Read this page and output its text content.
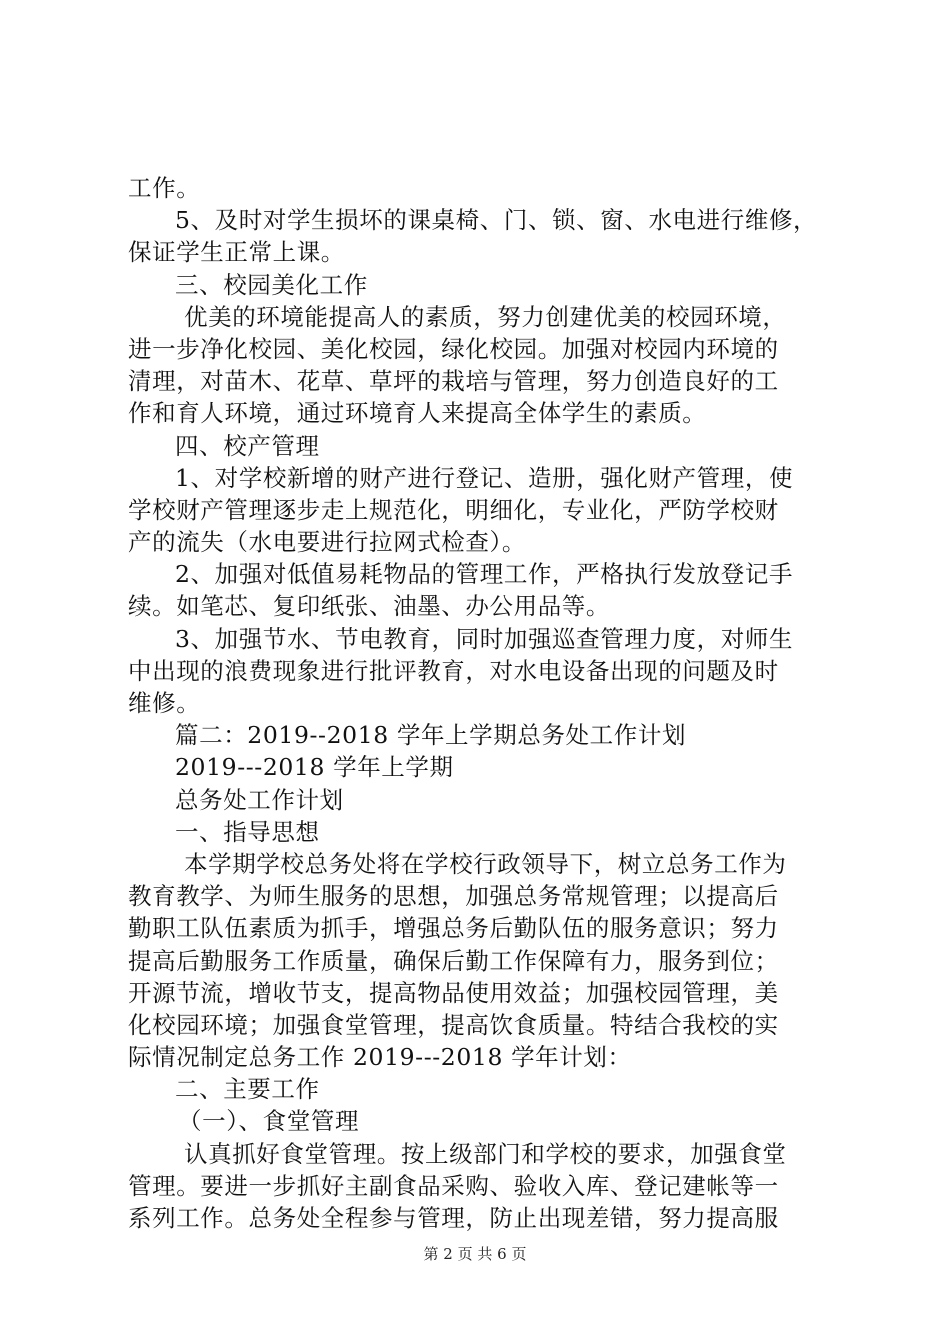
工作。
5、及时对学生损坏的课桌椅、门、锁、窗、水电进行维修，
保证学生正常上课。
三、校园美化工作
优美的环境能提高人的素质，努力创建优美的校园环境，
进一步净化校园、美化校园，绿化校园。加强对校园内环境的
清理，对苗木、花草、草坪的栽培与管理，努力创造良好的工
作和育人环境，通过环境育人来提高全体学生的素质。
四、校产管理
1、对学校新增的财产进行登记、造册，强化财产管理，使
学校财产管理逐步走上规范化，明细化，专业化，严防学校财
产的流失（水电要进行拉网式检查）。
2、加强对低值易耗物品的管理工作，严格执行发放登记手
续。如笔芯、复印纸张、油墨、办公用品等。
3、加强节水、节电教育，同时加强巡查管理力度，对师生
中出现的浪费现象进行批评教育，对水电设备出现的问题及时
维修。
篇二：2019--2018 学年上学期总务处工作计划
2019---2018 学年上学期
总务处工作计划
一、指导思想
本学期学校总务处将在学校行政领导下，树立总务工作为
教育教学、为师生服务的思想，加强总务常规管理；以提高后
勤职工队伍素质为抓手，增强总务后勤队伍的服务意识；努力
提高后勤服务工作质量，确保后勤工作保障有力，服务到位；
开源节流，增收节支，提高物品使用效益；加强校园管理，美
化校园环境；加强食堂管理，提高饮食质量。特结合我校的实
际情况制定总务工作 2019---2018 学年计划：
二、主要工作
（一）、食堂管理
认真抓好食堂管理。按上级部门和学校的要求，加强食堂
管理。要进一步抓好主副食品采购、验收入库、登记建帐等一
系列工作。总务处全程参与管理，防止出现差错，努力提高服
第 2 页 共 6 页
